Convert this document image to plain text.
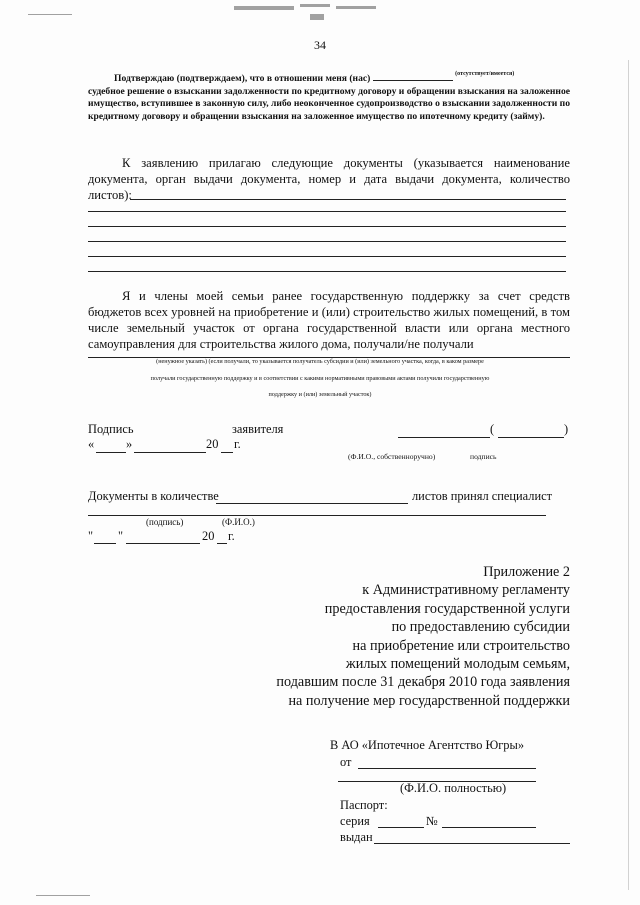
34
Подтверждаю (подтверждаем), что в отношении меня (нас)	$^{(отсутствует/имеется)}$
судебное решение о взыскании задолженности по кредитному договору и обращении взыскания на заложенное имущество, вступившее в законную силу, либо неоконченное судопроизводство о взыскании задолженности по кредитному договору и обращении взыскания на заложенное имущество по ипотечному кредиту (займу).
К заявлению прилагаю следующие документы (указывается наименование документа, орган выдачи документа, номер и дата выдачи документа, количество листов):
Я и члены моей семьи ранее государственную поддержку за счет средств бюджетов всех уровней на приобретение и (или) строительство жилых помещений, в том числе земельный участок от органа государственной власти или органа местного самоуправления для строительства жилого дома, получали/не получали
(ненужное указать) (если получали, то указывается получатель субсидии и (или) земельного участка, когда, в каком размере
получали государственную поддержку и в соответствии с какими нормативными правовыми актами получили государственную
поддержку и (или) земельный участок)
Подпись	заявителя	(	)
«	»	20 г.
(Ф.И.О., собственноручно)	подпись
Документы в количестве	листов принял специалист
(подпись)	(Ф.И.О.)
" "	20 г.
Приложение 2
к Административному регламенту
предоставления государственной услуги
по предоставлению субсидии
на приобретение или строительство
жилых помещений молодым семьям,
подавшим после 31 декабря 2010 года заявления
на получение мер государственной поддержки
В АО «Ипотечное Агентство Югры»
от
(Ф.И.О. полностью)
Паспорт:
серия	№
выдан
